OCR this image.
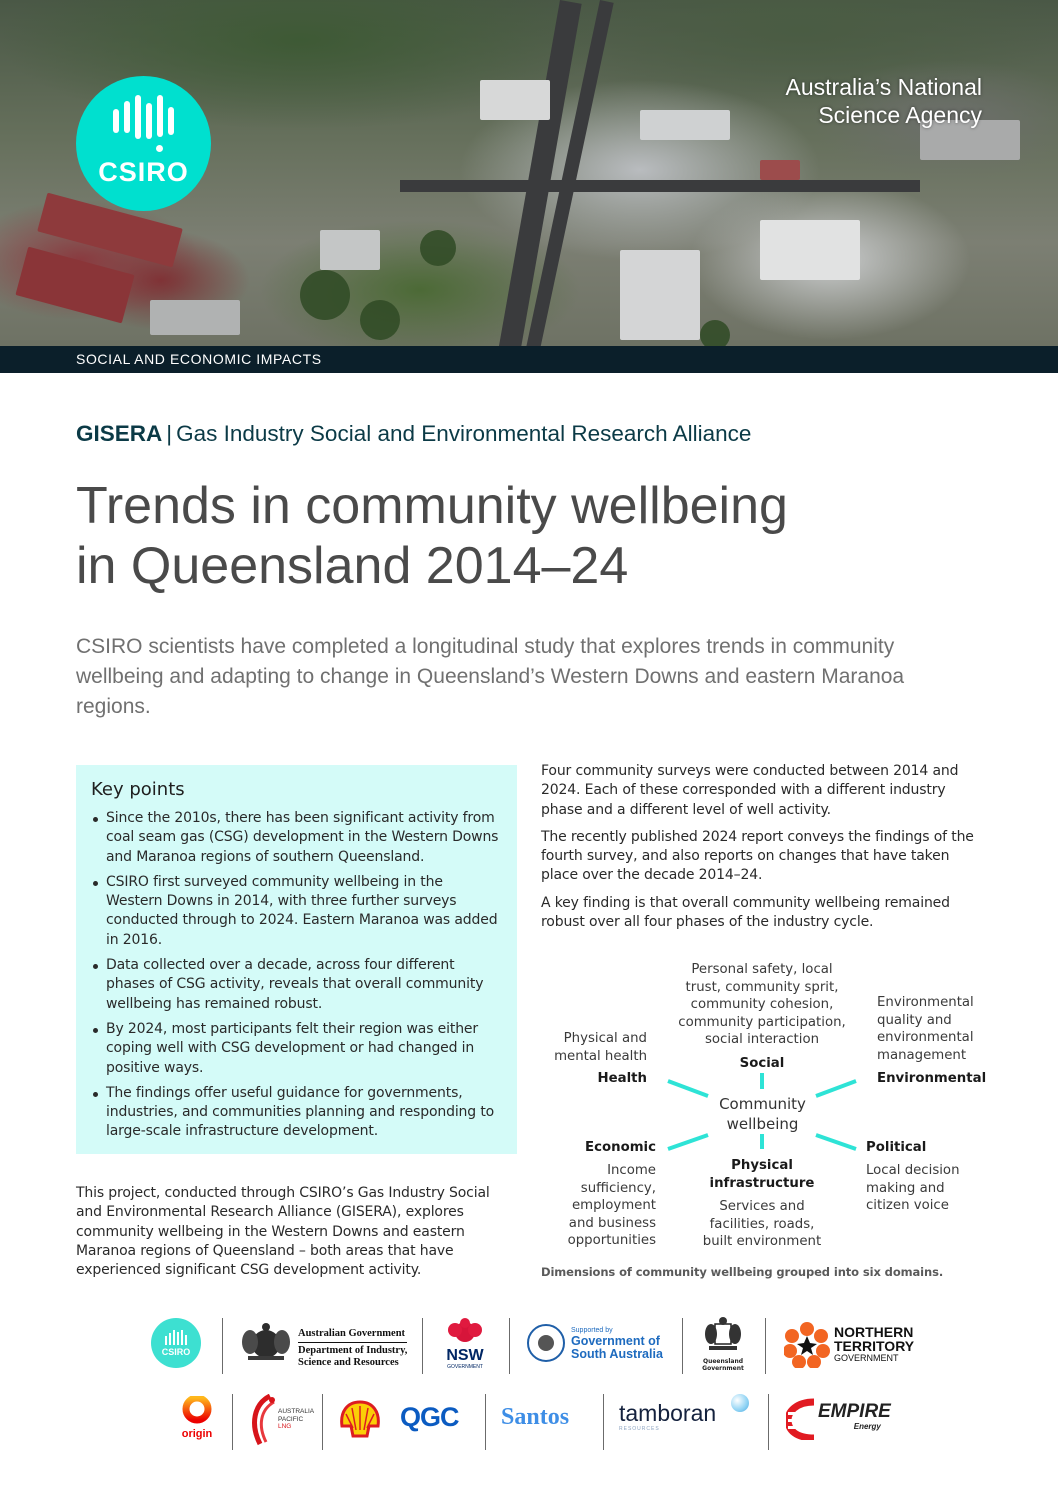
CSIRO
Australia’s National
Science Agency
SOCIAL AND ECONOMIC IMPACTS
GISERA | Gas Industry Social and Environmental Research Alliance
Trends in community wellbeing
in Queensland 2014–24

CSIRO scientists have completed a longitudinal study that explores trends in community wellbeing and adapting to change in Queensland’s Western Downs and eastern Maranoa regions.

Key points
Since the 2010s, there has been significant activity from coal seam gas (CSG) development in the Western Downs and Maranoa regions of southern Queensland.
CSIRO first surveyed community wellbeing in the Western Downs in 2014, with three further surveys conducted through to 2024. Eastern Maranoa was added in 2016.
Data collected over a decade, across four different phases of CSG activity, reveals that overall community wellbeing has remained robust.
By 2024, most participants felt their region was either coping well with CSG development or had changed in positive ways.
The findings offer useful guidance for governments, industries, and communities planning and responding to large-scale infrastructure development.

This project, conducted through CSIRO’s Gas Industry Social and Environmental Research Alliance (GISERA), explores community wellbeing in the Western Downs and eastern Maranoa regions of Queensland – both areas that have experienced significant CSG development activity.

Four community surveys were conducted between 2014 and 2024. Each of these corresponded with a different industry phase and a different level of well activity.

The recently published 2024 report conveys the findings of the fourth survey, and also reports on changes that have taken place over the decade 2014–24.

A key finding is that overall community wellbeing remained robust over all four phases of the industry cycle.

Personal safety, local
trust, community sprit,
community cohesion,
community participation,
social interaction
Social
Physical and
mental health
Health
Environmental
quality and
environmental
management
Environmental
Community
wellbeing
Economic
Income
sufficiency,
employment
and business
opportunities
Physical
infrastructure
Services and
facilities, roads,
built environment
Political
Local decision
making and
citizen voice
Dimensions of community wellbeing grouped into six domains.
CSIRO
Australian Government
Department of Industry,
Science and Resources	NSW
GOVERNMENT
Supported by
Government of
South Australia
Queensland
Government
NORTHERN
TERRITORY
GOVERNMENT
origin
AUSTRALIA
PACIFIC
LNG	QGC Santos tamboran
RESOURCES
EMPIRE
Energy
